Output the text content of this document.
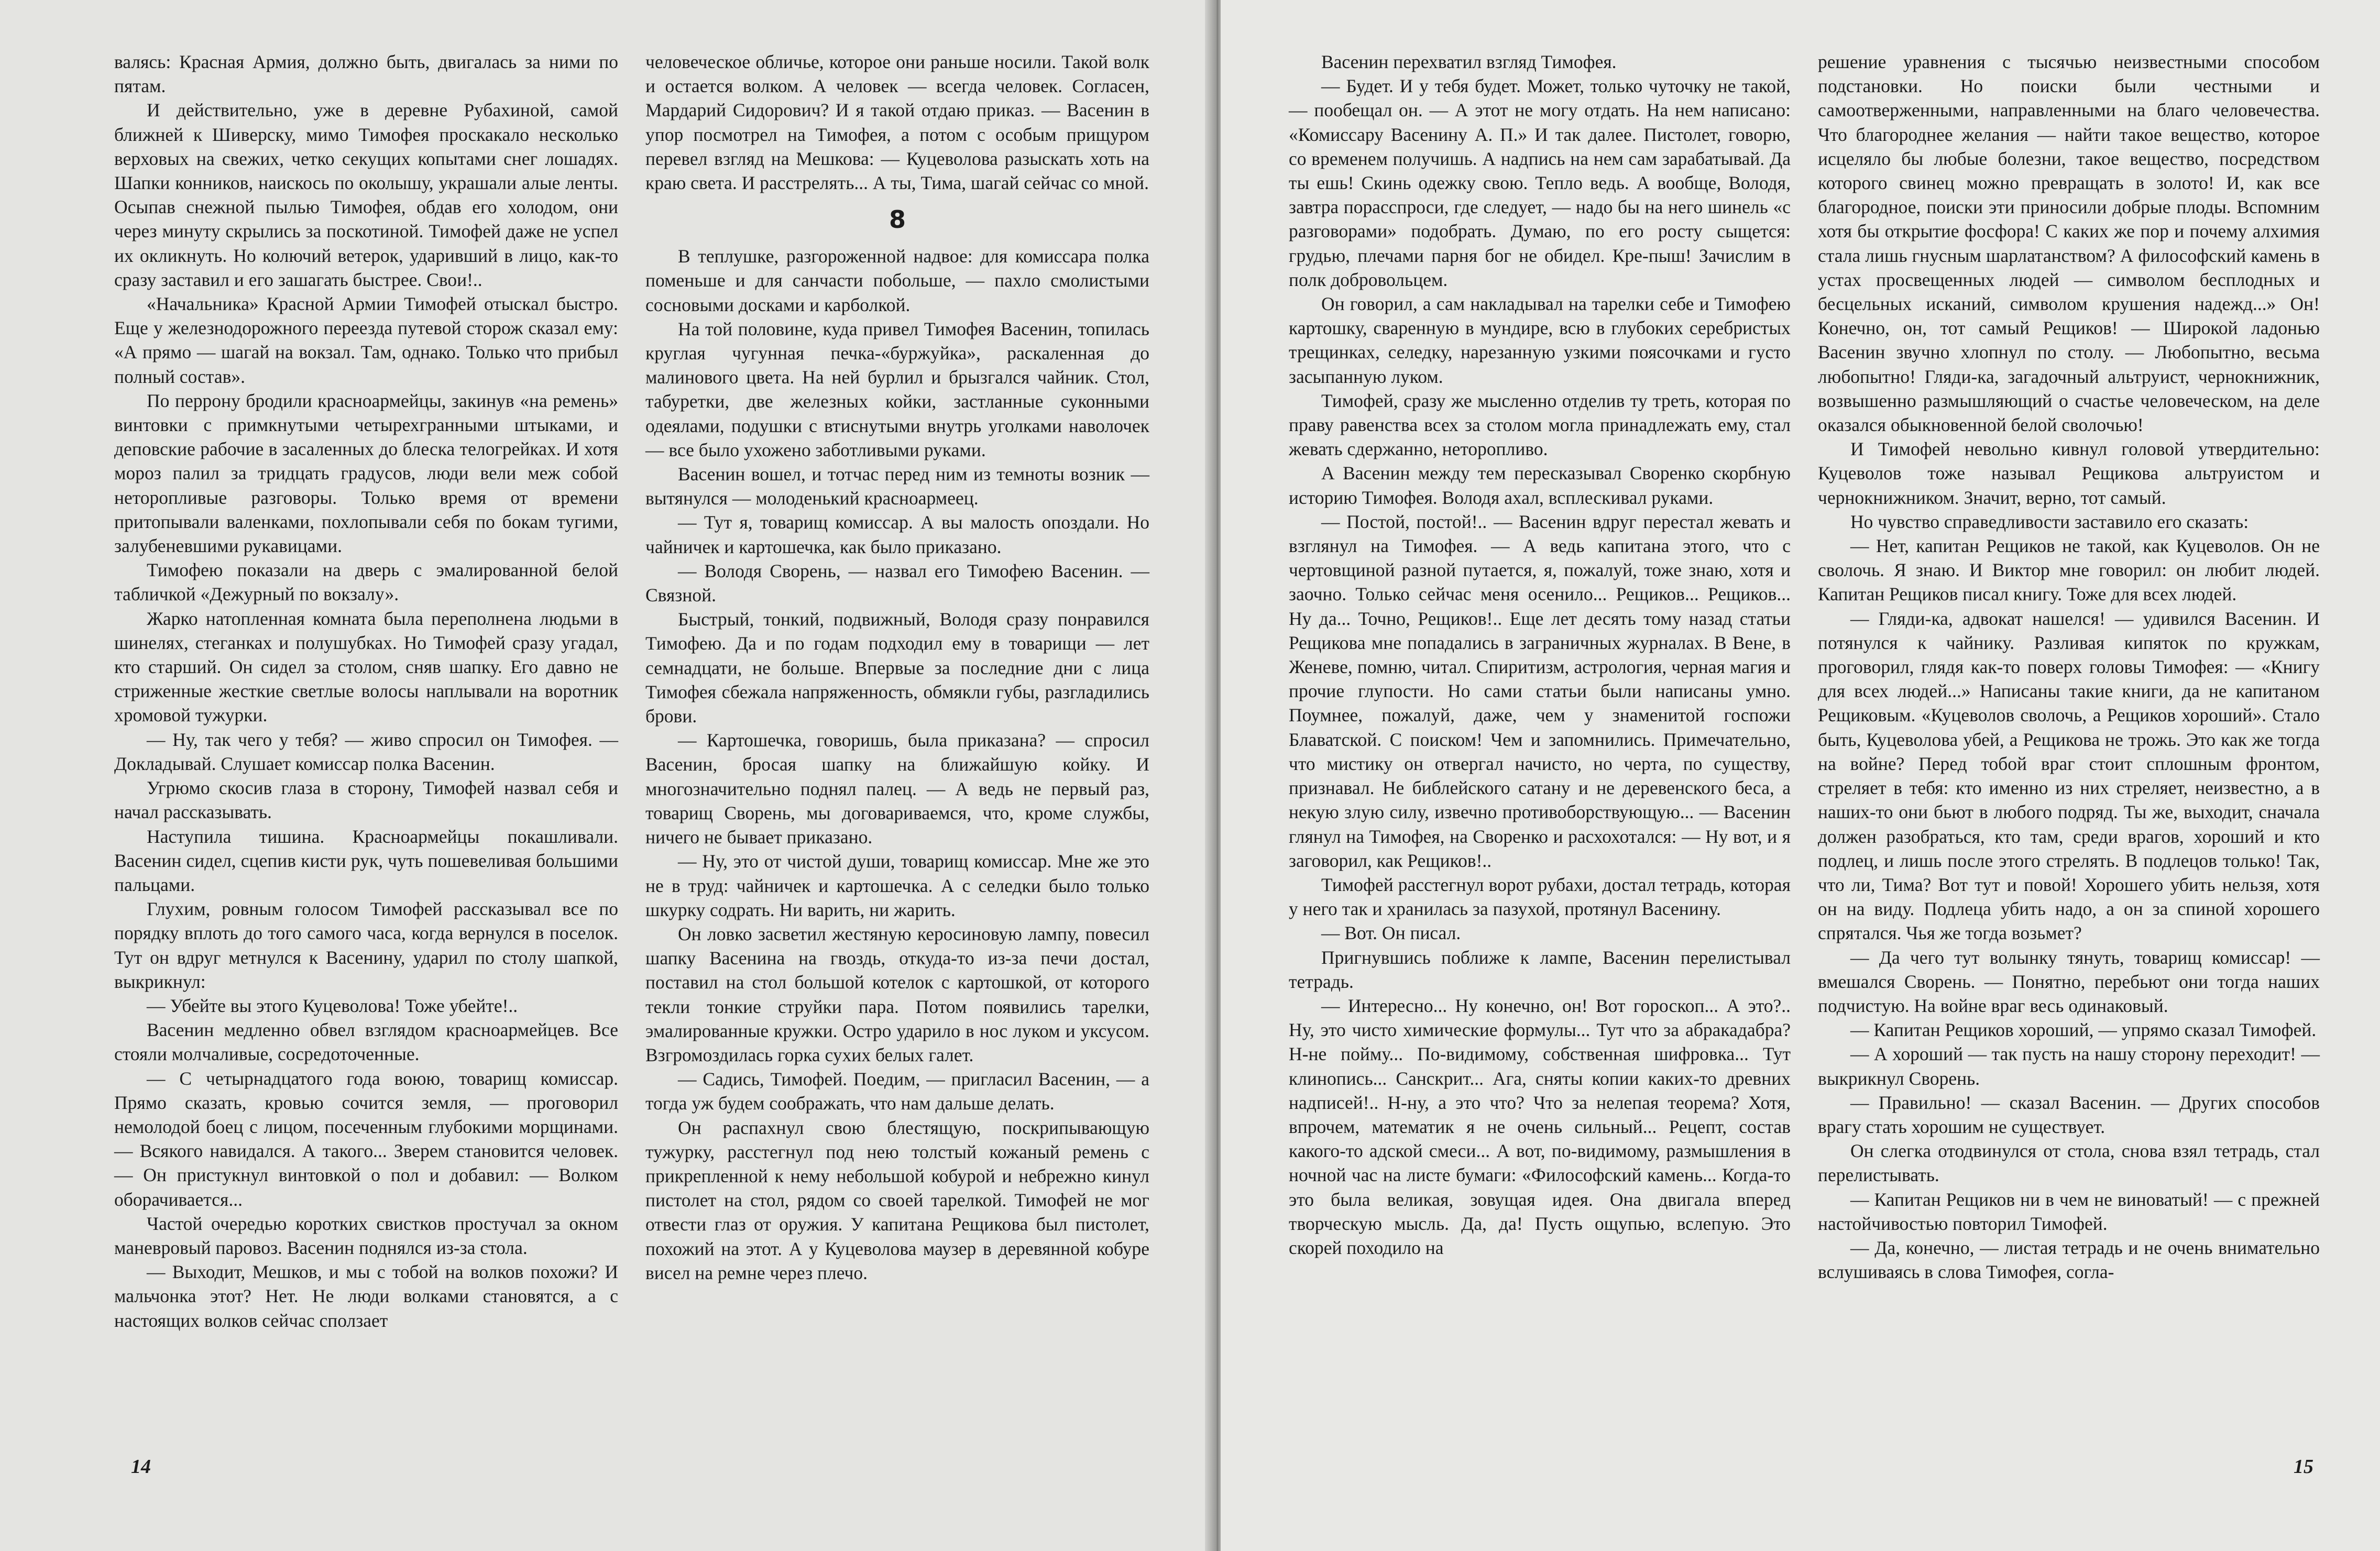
валясь: Красная Армия, должно быть, двигалась за ними по пятам.

И действительно, уже в деревне Рубахиной, самой ближней к Шиверску, мимо Тимофея проскакало несколько верховых на свежих, четко секущих копытами снег лошадях. Шапки конников, наискось по околышу, украшали алые ленты. Осыпав снежной пылью Тимофея, обдав его холодом, они через минуту скрылись за поскотиной. Тимофей даже не успел их окликнуть. Но колючий ветерок, ударивший в лицо, как-то сразу заставил и его зашагать быстрее. Свои!..

«Начальника» Красной Армии Тимофей отыскал быстро. Еще у железнодорожного переезда путевой сторож сказал ему: «А прямо — шагай на вокзал. Там, однако. Только что прибыл полный состав».

По перрону бродили красноармейцы, закинув «на ремень» винтовки с примкнутыми четырехгранными штыками, и деповские рабочие в засаленных до блеска телогрейках. И хотя мороз палил за тридцать градусов, люди вели меж собой неторопливые разговоры. Только время от времени притопывали валенками, похлопывали себя по бокам тугими, залубеневшими рукавицами.

Тимофею показали на дверь с эмалированной белой табличкой «Дежурный по вокзалу».

Жарко натопленная комната была переполнена людьми в шинелях, стеганках и полушубках. Но Тимофей сразу угадал, кто старший. Он сидел за столом, сняв шапку. Его давно не стриженные жесткие светлые волосы наплывали на воротник хромовой тужурки.

— Ну, так чего у тебя? — живо спросил он Тимофея. — Докладывай. Слушает комиссар полка Васенин.

Угрюмо скосив глаза в сторону, Тимофей назвал себя и начал рассказывать.

Наступила тишина. Красноармейцы покашливали. Васенин сидел, сцепив кисти рук, чуть пошевеливая большими пальцами.

Глухим, ровным голосом Тимофей рассказывал все по порядку вплоть до того самого часа, когда вернулся в поселок. Тут он вдруг метнулся к Васенину, ударил по столу шапкой, выкрикнул:

— Убейте вы этого Куцеволова! Тоже убейте!..

Васенин медленно обвел взглядом красноармейцев. Все стояли молчаливые, сосредоточенные.

— С четырнадцатого года воюю, товарищ комиссар. Прямо сказать, кровью сочится земля, — проговорил немолодой боец с лицом, посеченным глубокими морщинами. — Всякого навидался. А такого... Зверем становится человек. — Он пристукнул винтовкой о пол и добавил: — Волком оборачивается...

Частой очередью коротких свистков простучал за окном маневровый паровоз. Васенин поднялся из-за стола.

— Выходит, Мешков, и мы с тобой на волков похожи? И мальчонка этот? Нет. Не люди волками становятся, а с настоящих волков сейчас сползает

человеческое обличье, которое они раньше носили. Такой волк и остается волком. А человек — всегда человек. Согласен, Мардарий Сидорович? И я такой отдаю приказ. — Васенин в упор посмотрел на Тимофея, а потом с особым прищуром перевел взгляд на Мешкова: — Куцеволова разыскать хоть на краю света. И расстрелять... А ты, Тима, шагай сейчас со мной.

8

В теплушке, разгороженной надвое: для комиссара полка поменьше и для санчасти побольше, — пахло смолистыми сосновыми досками и карболкой.

На той половине, куда привел Тимофея Васенин, топилась круглая чугунная печка-«буржуйка», раскаленная до малинового цвета. На ней бурлил и брызгался чайник. Стол, табуретки, две железных койки, застланные суконными одеялами, подушки с втиснутыми внутрь уголками наволочек — все было ухожено заботливыми руками.

Васенин вошел, и тотчас перед ним из темноты возник — вытянулся — молоденький красноармеец.

— Тут я, товарищ комиссар. А вы малость опоздали. Но чайничек и картошечка, как было приказано.

— Володя Сворень, — назвал его Тимофею Васенин. — Связной.

Быстрый, тонкий, подвижный, Володя сразу понравился Тимофею. Да и по годам подходил ему в товарищи — лет семнадцати, не больше. Впервые за последние дни с лица Тимофея сбежала напряженность, обмякли губы, разгладились брови.

— Картошечка, говоришь, была приказана? — спросил Васенин, бросая шапку на ближайшую койку. И многозначительно поднял палец. — А ведь не первый раз, товарищ Сворень, мы договариваемся, что, кроме службы, ничего не бывает приказано.

— Ну, это от чистой души, товарищ комиссар. Мне же это не в труд: чайничек и картошечка. А с селедки было только шкурку содрать. Ни варить, ни жарить.

Он ловко засветил жестяную керосиновую лампу, повесил шапку Васенина на гвоздь, откуда-то из-за печи достал, поставил на стол большой котелок с картошкой, от которого текли тонкие струйки пара. Потом появились тарелки, эмалированные кружки. Остро ударило в нос луком и уксусом. Взгромоздилась горка сухих белых галет.

— Садись, Тимофей. Поедим, — пригласил Васенин, — а тогда уж будем соображать, что нам дальше делать.

Он распахнул свою блестящую, поскрипывающую тужурку, расстегнул под нею толстый кожаный ремень с прикрепленной к нему небольшой кобурой и небрежно кинул пистолет на стол, рядом со своей тарелкой. Тимофей не мог отвести глаз от оружия. У капитана Рещикова был пистолет, похожий на этот. А у Куцеволова маузер в деревянной кобуре висел на ремне через плечо.

14

Васенин перехватил взгляд Тимофея.

— Будет. И у тебя будет. Может, только чуточку не такой, — пообещал он. — А этот не могу отдать. На нем написано: «Комиссару Васенину А. П.» И так далее. Пистолет, говорю, со временем получишь. А надпись на нем сам зарабатывай. Да ты ешь! Скинь одежку свою. Тепло ведь. А вообще, Володя, завтра порасспроси, где следует, — надо бы на него шинель «с разговорами» подобрать. Думаю, по его росту сыщется: грудью, плечами парня бог не обидел. Кре-пыш! Зачислим в полк добровольцем.

Он говорил, а сам накладывал на тарелки себе и Тимофею картошку, сваренную в мундире, всю в глубоких серебристых трещинках, селедку, нарезанную узкими поясочками и густо засыпанную луком.

Тимофей, сразу же мысленно отделив ту треть, которая по праву равенства всех за столом могла принадлежать ему, стал жевать сдержанно, неторопливо.

А Васенин между тем пересказывал Своренко скорбную историю Тимофея. Володя ахал, всплескивал руками.

— Постой, постой!.. — Васенин вдруг перестал жевать и взглянул на Тимофея. — А ведь капитана этого, что с чертовщиной разной путается, я, пожалуй, тоже знаю, хотя и заочно. Только сейчас меня осенило... Рещиков... Рещиков... Ну да... Точно, Рещиков!.. Еще лет десять тому назад статьи Рещикова мне попадались в заграничных журналах. В Вене, в Женеве, помню, читал. Спиритизм, астрология, черная магия и прочие глупости. Но сами статьи были написаны умно. Поумнее, пожалуй, даже, чем у знаменитой госпожи Блаватской. С поиском! Чем и запомнились. Примечательно, что мистику он отвергал начисто, но черта, по существу, признавал. Не библейского сатану и не деревенского беса, а некую злую силу, извечно противоборствующую... — Васенин глянул на Тимофея, на Своренко и расхохотался: — Ну вот, и я заговорил, как Рещиков!..

Тимофей расстегнул ворот рубахи, достал тетрадь, которая у него так и хранилась за пазухой, протянул Васенину.

— Вот. Он писал.

Пригнувшись поближе к лампе, Васенин перелистывал тетрадь.

— Интересно... Ну конечно, он! Вот гороскоп... А это?.. Ну, это чисто химические формулы... Тут что за абракадабра? Н-не пойму... По-видимому, собственная шифровка... Тут клинопись... Санскрит... Ага, сняты копии каких-то древних надписей!.. Н-ну, а это что? Что за нелепая теорема? Хотя, впрочем, математик я не очень сильный... Рецепт, состав какого-то адской смеси... А вот, по-видимому, размышления в ночной час на листе бумаги: «Философский камень... Когда-то это была великая, зовущая идея. Она двигала вперед творческую мысль. Да, да! Пусть ощупью, вслепую. Это скорей походило на

решение уравнения с тысячью неизвестными способом подстановки. Но поиски были честными и самоотверженными, направленными на благо человечества. Что благороднее желания — найти такое вещество, которое исцеляло бы любые болезни, такое вещество, посредством которого свинец можно превращать в золото! И, как все благородное, поиски эти приносили добрые плоды. Вспомним хотя бы открытие фосфора! С каких же пор и почему алхимия стала лишь гнусным шарлатанством? А философский камень в устах просвещенных людей — символом бесплодных и бесцельных исканий, символом крушения надежд...» Он! Конечно, он, тот самый Рещиков! — Широкой ладонью Васенин звучно хлопнул по столу. — Любопытно, весьма любопытно! Гляди-ка, загадочный альтруист, чернокнижник, возвышенно размышляющий о счастье человеческом, на деле оказался обыкновенной белой сволочью!

И Тимофей невольно кивнул головой утвердительно: Куцеволов тоже называл Рещикова альтруистом и чернокнижником. Значит, верно, тот самый.

Но чувство справедливости заставило его сказать:

— Нет, капитан Рещиков не такой, как Куцеволов. Он не сволочь. Я знаю. И Виктор мне говорил: он любит людей. Капитан Рещиков писал книгу. Тоже для всех людей.

— Гляди-ка, адвокат нашелся! — удивился Васенин. И потянулся к чайнику. Разливая кипяток по кружкам, проговорил, глядя как-то поверх головы Тимофея: — «Книгу для всех людей...» Написаны такие книги, да не капитаном Рещиковым. «Куцеволов сволочь, а Рещиков хороший». Стало быть, Куцеволова убей, а Рещикова не трожь. Это как же тогда на войне? Перед тобой враг стоит сплошным фронтом, стреляет в тебя: кто именно из них стреляет, неизвестно, а в наших-то они бьют в любого подряд. Ты же, выходит, сначала должен разобраться, кто там, среди врагов, хороший и кто подлец, и лишь после этого стрелять. В подлецов только! Так, что ли, Тима? Вот тут и повой! Хорошего убить нельзя, хотя он на виду. Подлеца убить надо, а он за спиной хорошего спрятался. Чья же тогда возьмет?

— Да чего тут волынку тянуть, товарищ комиссар! — вмешался Сворень. — Понятно, перебьют они тогда наших подчистую. На войне враг весь одинаковый.

— Капитан Рещиков хороший, — упрямо сказал Тимофей.

— А хороший — так пусть на нашу сторону переходит! — выкрикнул Сворень.

— Правильно! — сказал Васенин. — Других способов врагу стать хорошим не существует.

Он слегка отодвинулся от стола, снова взял тетрадь, стал перелистывать.

— Капитан Рещиков ни в чем не виноватый! — с прежней настойчивостью повторил Тимофей.

— Да, конечно, — листая тетрадь и не очень внимательно вслушиваясь в слова Тимофея, согла-

15
